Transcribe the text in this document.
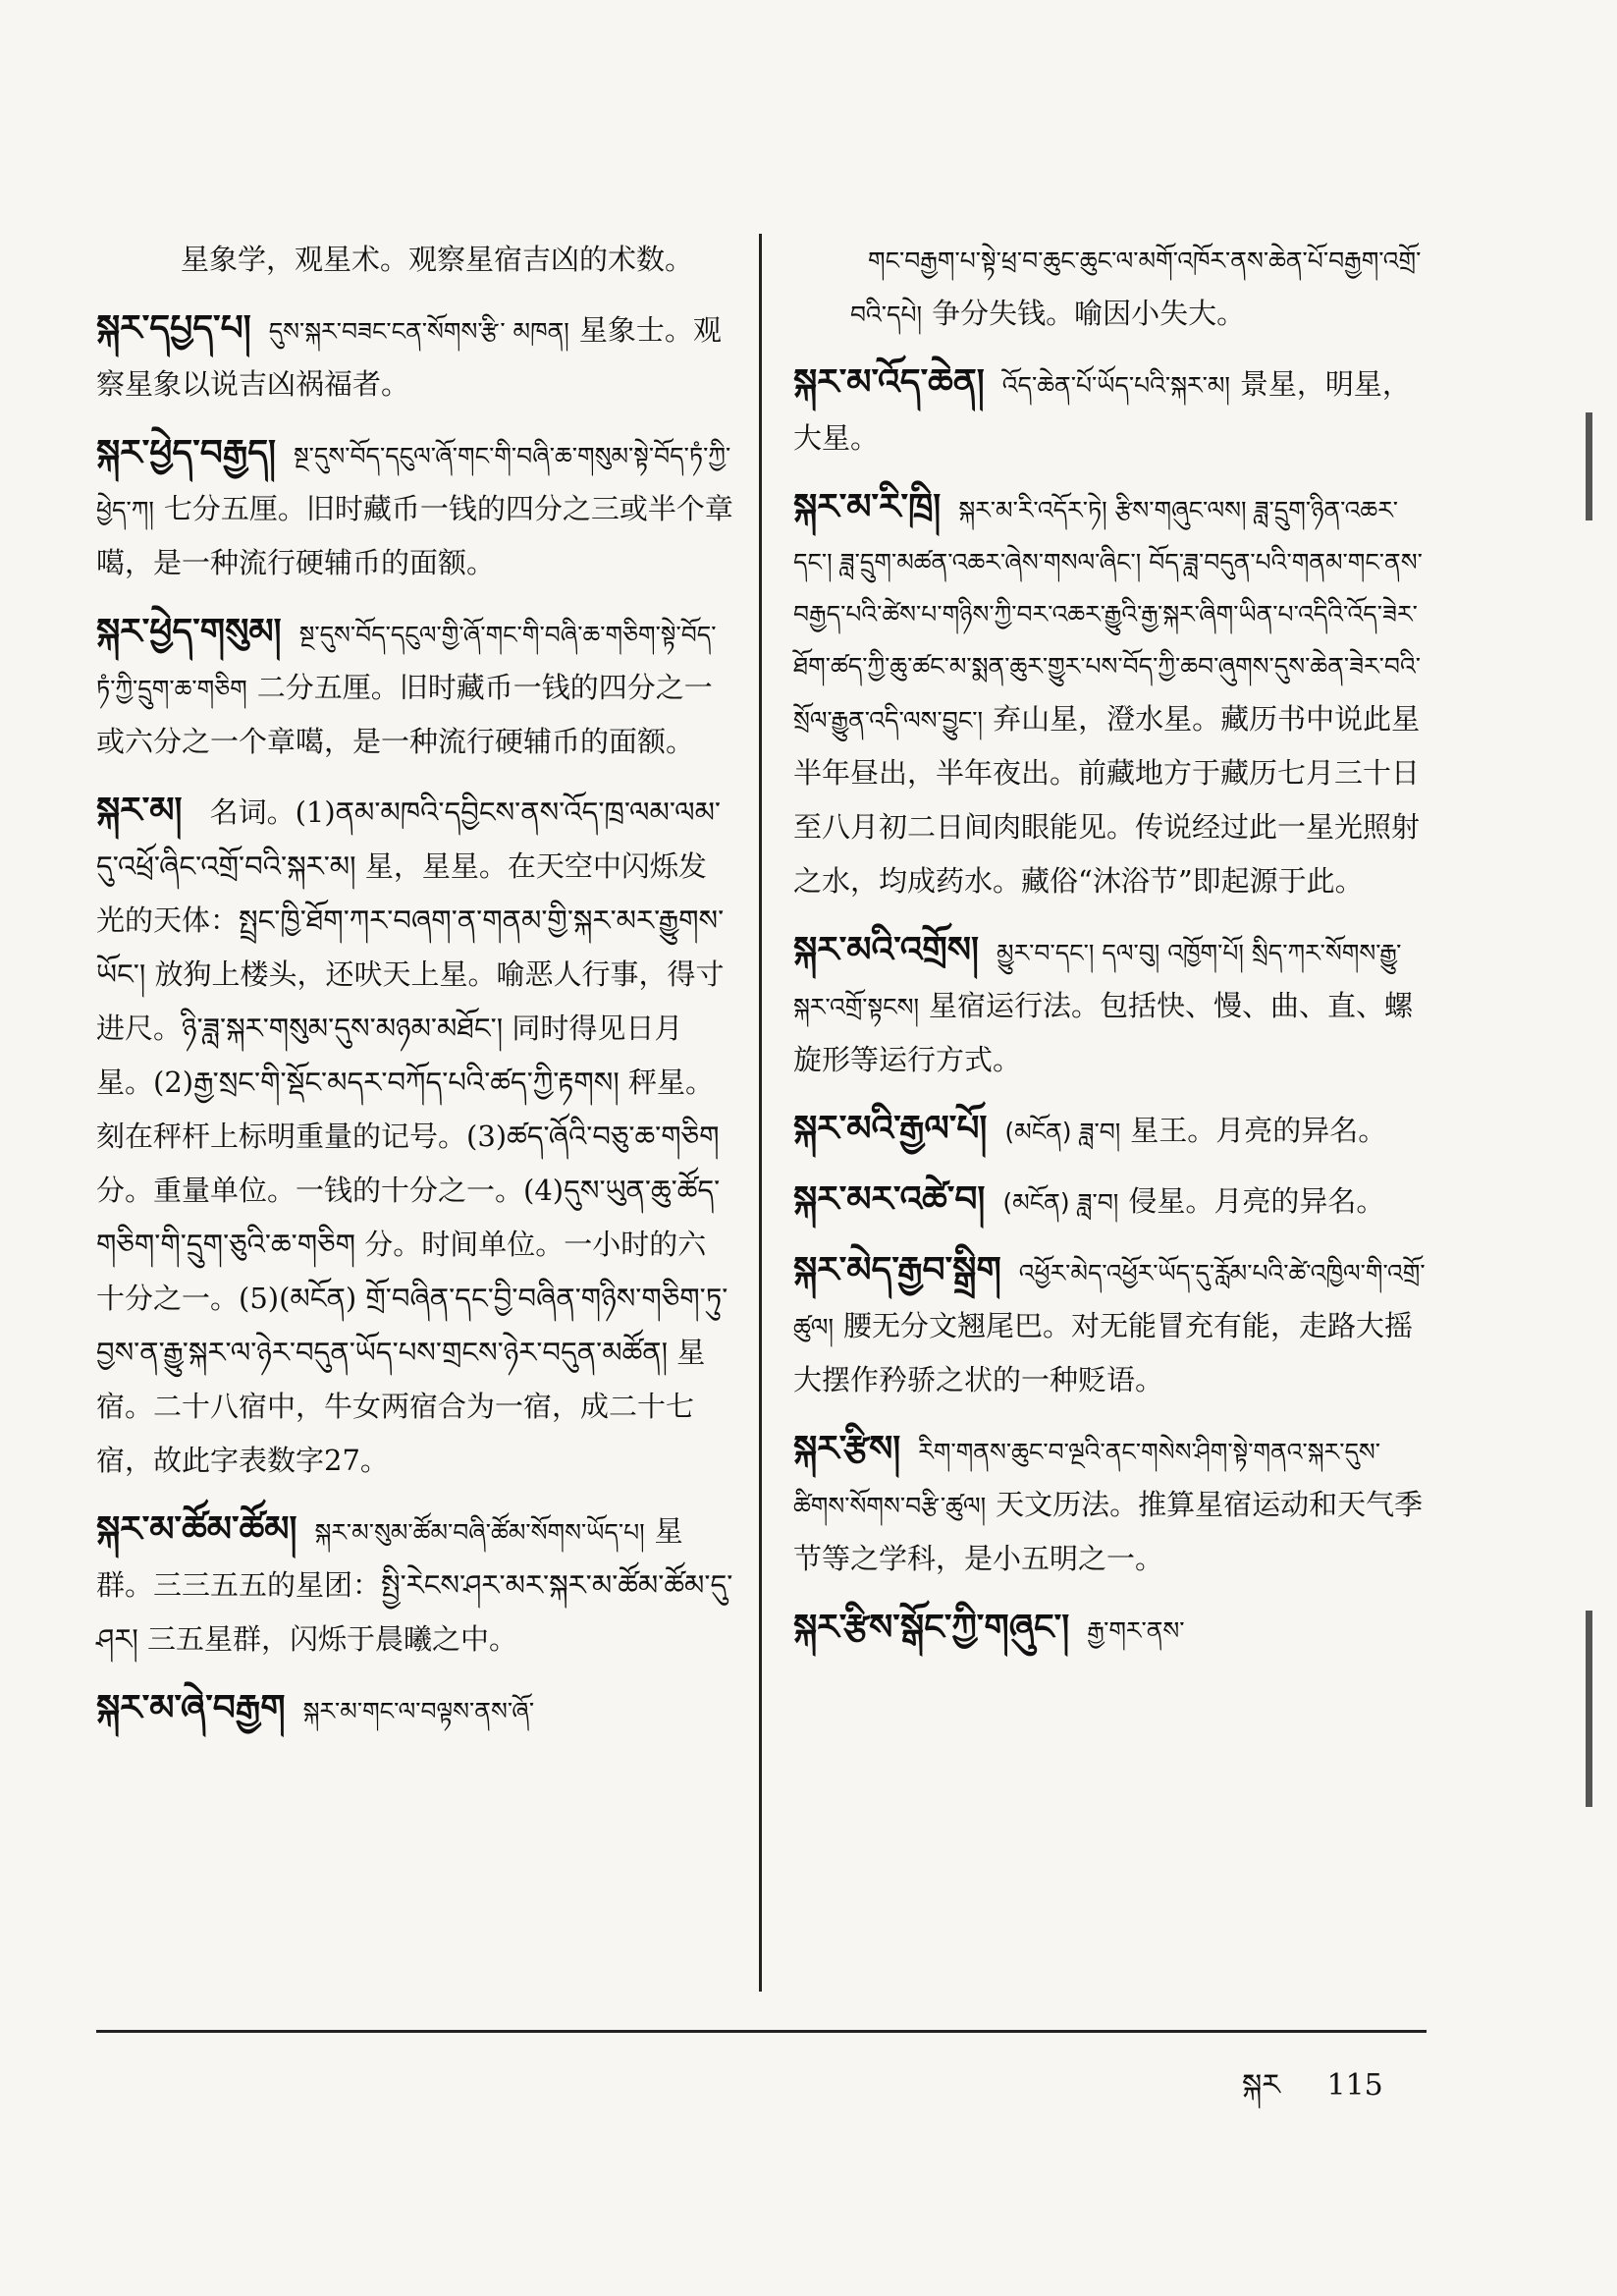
星象学，观星术。观察星宿吉凶的术数。
སྐར་དཔྱད་པ། དུས་སྐར་བཟང་ངན་སོགས་རྩི་ མཁན། 星象士。观察星象以说吉凶祸福者。
སྐར་ཕྱེད་བརྒྱད། སྔ་དུས་བོད་དངུལ་ཞོ་གང་གི་བཞི་ཆ་གསུམ་སྟེ་བོད་ཏཾ་ཀྱི་ཕྱེད་ཀ། 七分五厘。旧时藏币一钱的四分之三或半个章噶，是一种流行硬辅币的面额。
སྐར་ཕྱེད་གསུམ། སྔ་དུས་བོད་དངུལ་གྱི་ཞོ་གང་གི་བཞི་ཆ་གཅིག་སྟེ་བོད་ཏཾ་ཀྱི་དྲུག་ཆ་གཅིག 二分五厘。旧时藏币一钱的四分之一或六分之一个章噶，是一种流行硬辅币的面额。
སྐར་མ། 名词。(1)ནམ་མཁའི་དབྱིངས་ནས་འོད་ཁྲ་ལམ་ལམ་དུ་འཕྲོ་ཞིང་འགྲོ་བའི་སྐར་མ། 星，星星。在天空中闪烁发光的天体：སྤྲང་ཁྱི་ཐོག་ཀར་བཞག་ན་གནམ་གྱི་སྐར་མར་རྒྱུགས་ཡོང་། 放狗上楼头，还吠天上星。喻恶人行事，得寸进尺。ཉི་ཟླ་སྐར་གསུམ་དུས་མཉམ་མཐོང་། 同时得见日月星。(2)རྒྱ་སྲང་གི་སྡོང་མདར་བཀོད་པའི་ཚད་ཀྱི་རྟགས། 秤星。刻在秤杆上标明重量的记号。(3)ཚད་ཞོའི་བཅུ་ཆ་གཅིག 分。重量单位。一钱的十分之一。(4)དུས་ཡུན་ཆུ་ཚོད་གཅིག་གི་དྲུག་ཅུའི་ཆ་གཅིག 分。时间单位。一小时的六十分之一。(5)(མངོན) གྲོ་བཞིན་དང་བྱི་བཞིན་གཉིས་གཅིག་ཏུ་བྱས་ན་རྒྱུ་སྐར་ལ་ཉེར་བདུན་ཡོད་པས་གྲངས་ཉེར་བདུན་མཚོན། 星宿。二十八宿中，牛女两宿合为一宿，成二十七宿，故此字表数字27。
སྐར་མ་ཚོམ་ཚོམ། སྐར་མ་སུམ་ཚོམ་བཞི་ཚོམ་སོགས་ཡོད་པ། 星群。三三五五的星团：སྤྱི་རེངས་ཤར་མར་སྐར་མ་ཚོམ་ཚོམ་དུ་ཤར། 三五星群，闪烁于晨曦之中。
སྐར་མ་ཞེ་བརྒྱག སྐར་མ་གང་ལ་བལྟས་ནས་ཞོ་
གང་བརྒྱག་པ་སྟེ་ཕྲ་བ་ཆུང་ཆུང་ལ་མགོ་འཁོར་ནས་ཆེན་པོ་བརྒྱག་འགྲོ་བའི་དཔེ། 争分失钱。喻因小失大。
སྐར་མ་འོད་ཆེན། འོད་ཆེན་པོ་ཡོད་པའི་སྐར་མ། 景星，明星，大星。
སྐར་མ་རི་ཁྲི། སྐར་མ་རི་འདོར་ཏེ། རྩིས་གཞུང་ལས། ཟླ་དྲུག་ཉིན་འཆར་དང་། ཟླ་དྲུག་མཚན་འཆར་ཞེས་གསལ་ཞིང་། བོད་ཟླ་བདུན་པའི་གནམ་གང་ནས་བརྒྱད་པའི་ཚེས་པ་གཉིས་ཀྱི་བར་འཆར་རྒྱུའི་རྒྱ་སྐར་ཞིག་ཡིན་པ་འདིའི་འོད་ཟེར་ཐོག་ཚད་ཀྱི་ཆུ་ཚང་མ་སྨན་ཆུར་གྱུར་པས་བོད་ཀྱི་ཆབ་ཞུགས་དུས་ཆེན་ཟེར་བའི་སྲོལ་རྒྱུན་འདི་ལས་བྱུང་། 弃山星，澄水星。藏历书中说此星半年昼出，半年夜出。前藏地方于藏历七月三十日至八月初二日间肉眼能见。传说经过此一星光照射之水，均成药水。藏俗“沐浴节”即起源于此。
སྐར་མའི་འགྲོས། མྱུར་བ་དང་། དལ་བུ། འཁྱོག་པོ། སྲིད་ཀར་སོགས་རྒྱུ་སྐར་འགྲོ་སྟངས། 星宿运行法。包括快、慢、曲、直、螺旋形等运行方式。
སྐར་མའི་རྒྱལ་པོ། (མངོན) ཟླ་བ། 星王。月亮的异名。
སྐར་མར་འཚེ་བ། (མངོན) ཟླ་བ། 侵星。月亮的异名。
སྐར་མེད་རྒྱབ་སྒྲིག འཕྱོར་མེད་འཕྱོར་ཡོད་དུ་རློམ་པའི་ཚེ་འཁྱིལ་གི་འགྲོ་ཚུལ། 腰无分文翘尾巴。对无能冒充有能，走路大摇大摆作矜骄之状的一种贬语。
སྐར་རྩིས། རིག་གནས་ཆུང་བ་ལྔའི་ནང་གསེས་ཤིག་སྟེ་གནའ་སྐར་དུས་ཚིགས་སོགས་བརྩི་ཚུལ། 天文历法。推算星宿运动和天气季节等之学科，是小五明之一。
སྐར་རྩིས་སྒོང་ཀྱི་གཞུང་། རྒྱ་གར་ནས་
སྐར 115
